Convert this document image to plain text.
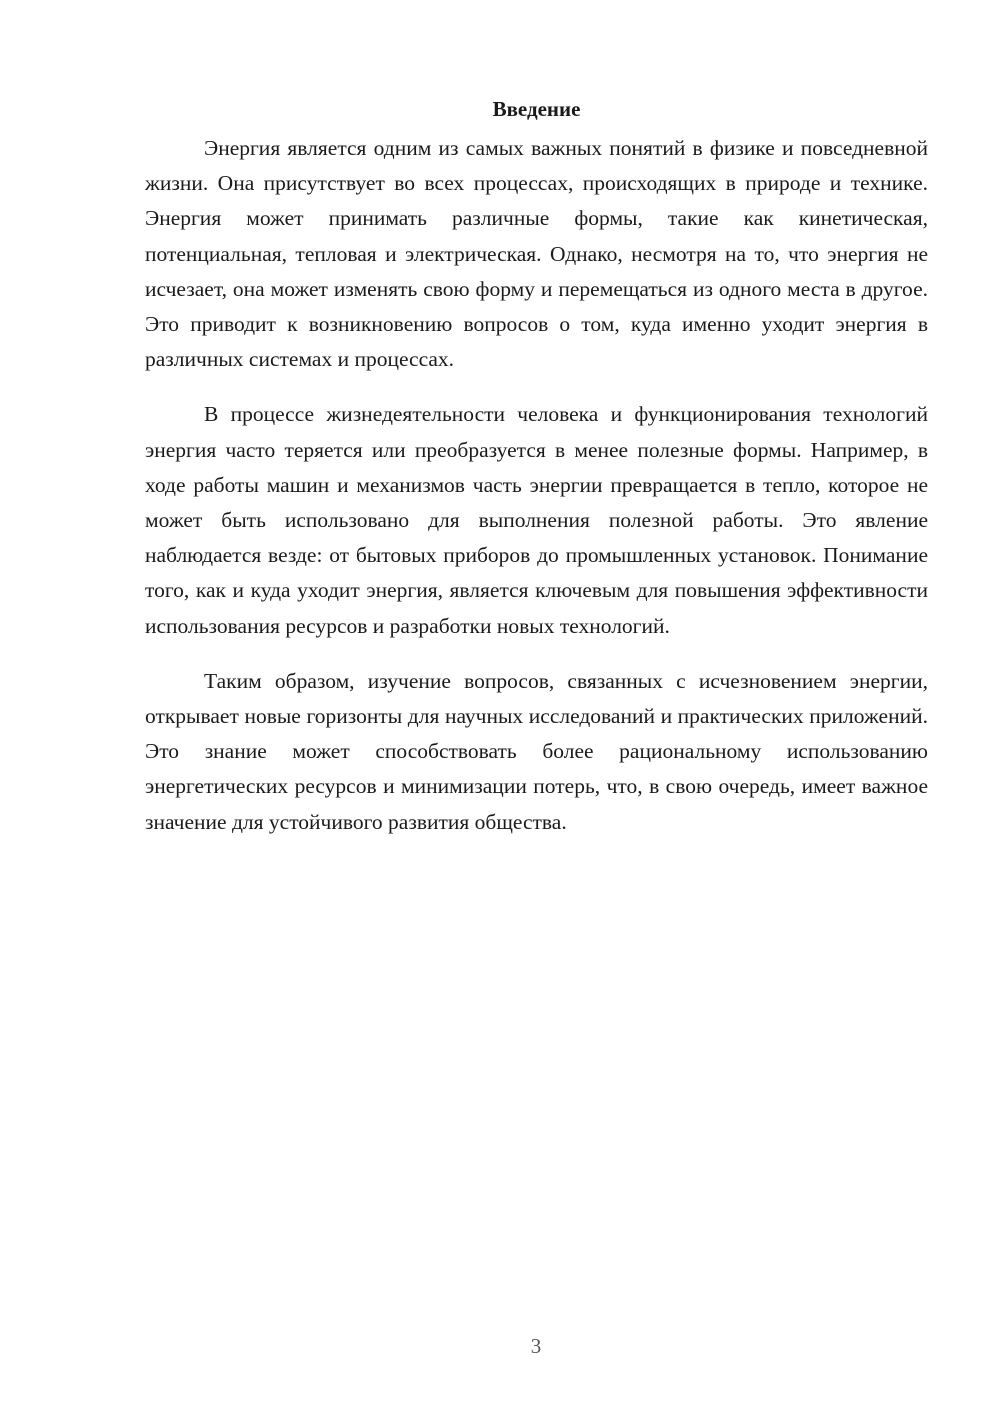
Введение

Энергия является одним из самых важных понятий в физике и повседневной жизни. Она присутствует во всех процессах, происходящих в природе и технике. Энергия может принимать различные формы, такие как кинетическая, потенциальная, тепловая и электрическая. Однако, несмотря на то, что энергия не исчезает, она может изменять свою форму и перемещаться из одного места в другое. Это приводит к возникновению вопросов о том, куда именно уходит энергия в различных системах и процессах.

В процессе жизнедеятельности человека и функционирования технологий энергия часто теряется или преобразуется в менее полезные формы. Например, в ходе работы машин и механизмов часть энергии превращается в тепло, которое не может быть использовано для выполнения полезной работы. Это явление наблюдается везде: от бытовых приборов до промышленных установок. Понимание того, как и куда уходит энергия, является ключевым для повышения эффективности использования ресурсов и разработки новых технологий.

Таким образом, изучение вопросов, связанных с исчезновением энергии, открывает новые горизонты для научных исследований и практических приложений. Это знание может способствовать более рациональному использованию энергетических ресурсов и минимизации потерь, что, в свою очередь, имеет важное значение для устойчивого развития общества.

3
